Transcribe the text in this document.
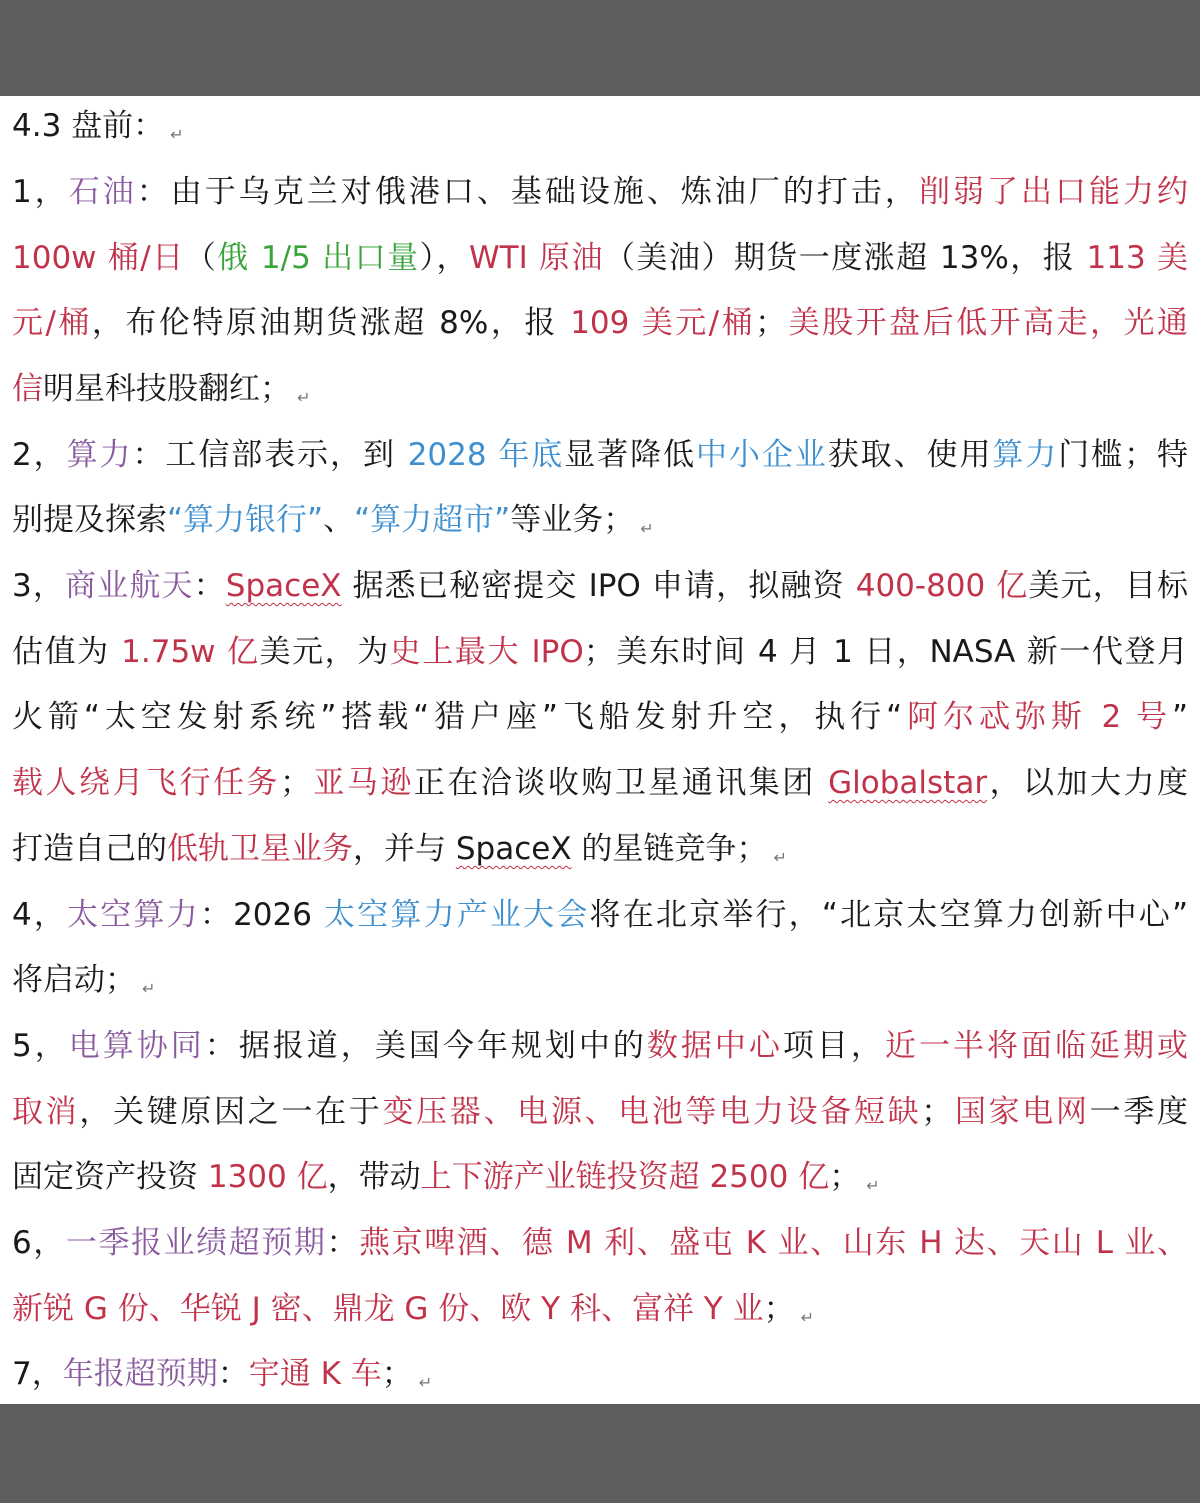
4.3 盘前： ↵
1，石油：由于乌克兰对俄港口、基础设施、炼油厂的打击，削弱了出口能力约
100w 桶/日（俄 1/5 出口量），WTI 原油（美油）期货一度涨超 13%，报 113 美
元/桶，布伦特原油期货涨超 8%，报 109 美元/桶；美股开盘后低开高走，光通
信明星科技股翻红； ↵
2，算力：工信部表示，到 2028 年底显著降低中小企业获取、使用算力门槛；特
别提及探索“算力银行”、“算力超市”等业务； ↵
3，商业航天：SpaceX 据悉已秘密提交 IPO 申请，拟融资 400-800 亿美元，目标
估值为 1.75w 亿美元，为史上最大 IPO；美东时间 4 月 1 日，NASA 新一代登月
火箭“太空发射系统”搭载“猎户座”飞船发射升空，执行“阿尔忒弥斯 2 号”
载人绕月飞行任务；亚马逊正在洽谈收购卫星通讯集团 Globalstar，以加大力度
打造自己的低轨卫星业务，并与 SpaceX 的星链竞争； ↵
4，太空算力：2026 太空算力产业大会将在北京举行，“北京太空算力创新中心”
将启动； ↵
5，电算协同：据报道，美国今年规划中的数据中心项目，近一半将面临延期或
取消，关键原因之一在于变压器、电源、电池等电力设备短缺；国家电网一季度
固定资产投资 1300 亿，带动上下游产业链投资超 2500 亿； ↵
6，一季报业绩超预期：燕京啤酒、德 M 利、盛屯 K 业、山东 H 达、天山 L 业、
新锐 G 份、华锐 J 密、鼎龙 G 份、欧 Y 科、富祥 Y 业； ↵
7，年报超预期：宇通 K 车； ↵
